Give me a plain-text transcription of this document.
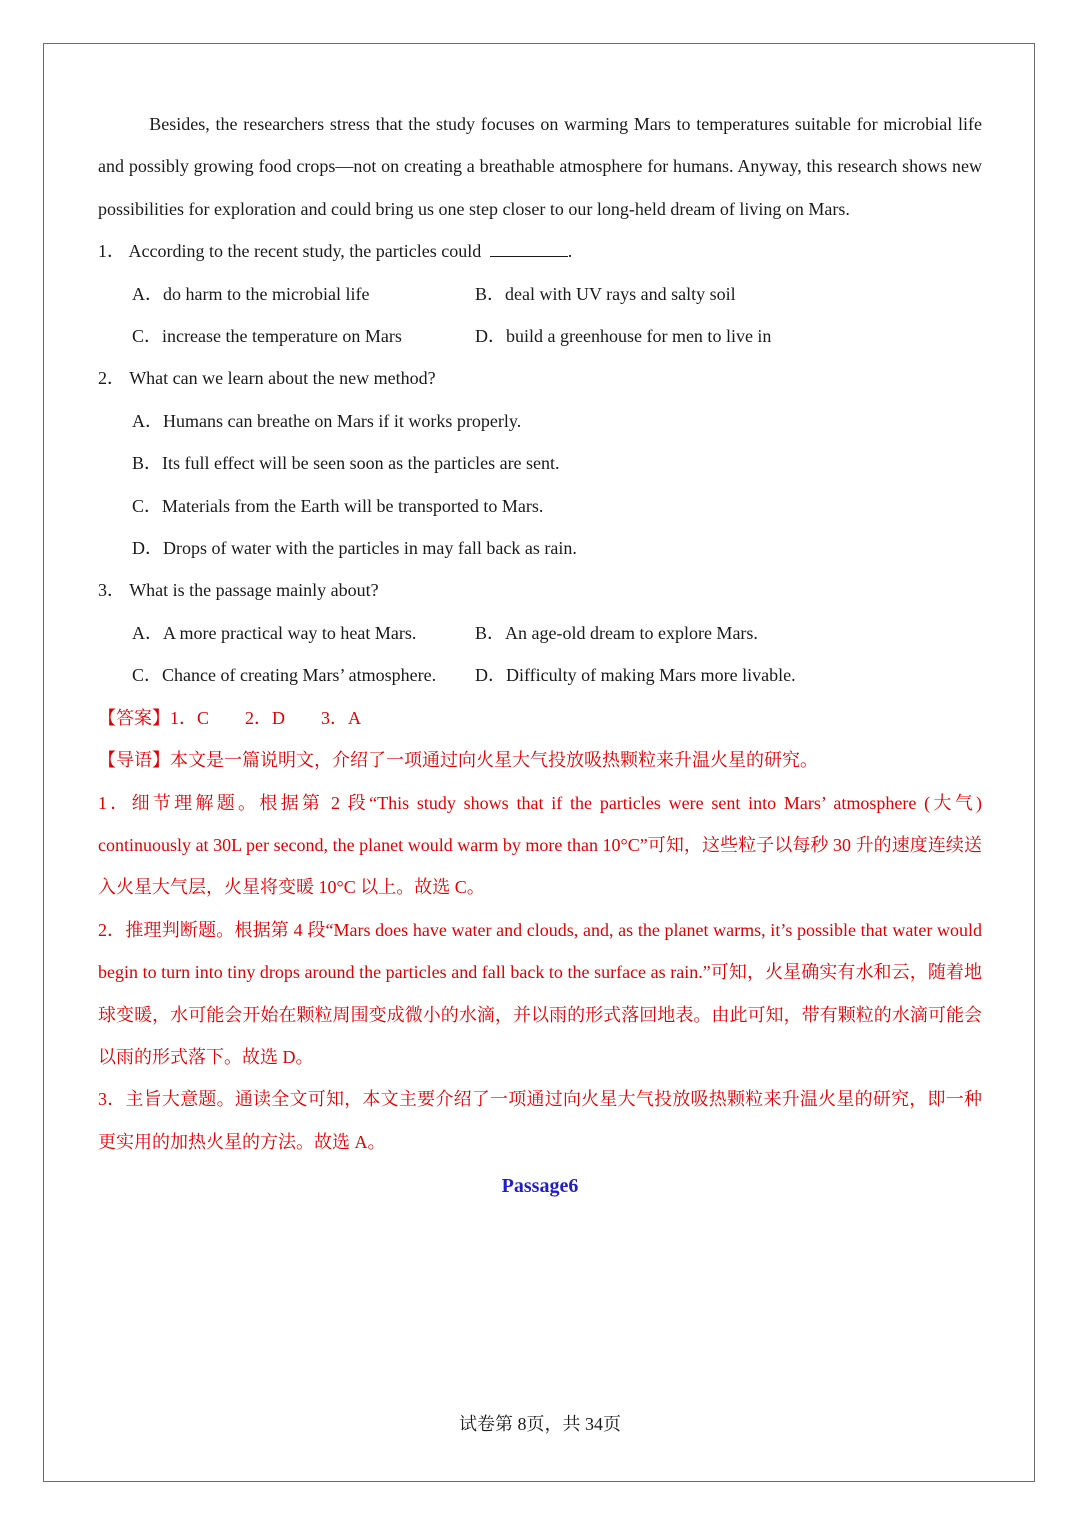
Besides, the researchers stress that the study focuses on warming Mars to temperatures suitable for microbial life and possibly growing food crops—not on creating a breathable atmosphere for humans. Anyway, this research shows new possibilities for exploration and could bring us one step closer to our long-held dream of living on Mars.

1． According to the recent study, the particles could	.

A．do harm to the microbial life	B．deal with UV rays and salty soil
C．increase the temperature on Mars	D．build a greenhouse for men to live in

2． What can we learn about the new method?

A．Humans can breathe on Mars if it works properly.

B．Its full effect will be seen soon as the particles are sent.

C．Materials from the Earth will be transported to Mars.

D．Drops of water with the particles in may fall back as rain.

3． What is the passage mainly about?

A．A more practical way to heat Mars.	B．An age-old dream to explore Mars.
C．Chance of creating Mars’ atmosphere.	D．Difficulty of making Mars more livable.

【答案】1．C　　2．D　　3．A

【导语】本文是一篇说明文，介绍了一项通过向火星大气投放吸热颗粒来升温火星的研究。

1．细节理解题。根据第 2 段“This study shows that if the particles were sent into Mars’ atmosphere (大气) continuously at 30L per second, the planet would warm by more than 10°C”可知，这些粒子以每秒 30 升的速度连续送入火星大气层，火星将变暖 10°C 以上。故选 C。

2．推理判断题。根据第 4 段“Mars does have water and clouds, and, as the planet warms, it’s possible that water would begin to turn into tiny drops around the particles and fall back to the surface as rain.”可知，火星确实有水和云，随着地球变暖，水可能会开始在颗粒周围变成微小的水滴，并以雨的形式落回地表。由此可知，带有颗粒的水滴可能会以雨的形式落下。故选 D。

3．主旨大意题。通读全文可知，本文主要介绍了一项通过向火星大气投放吸热颗粒来升温火星的研究，即一种更实用的加热火星的方法。故选 A。

Passage6

试卷第 8页，共 34页
